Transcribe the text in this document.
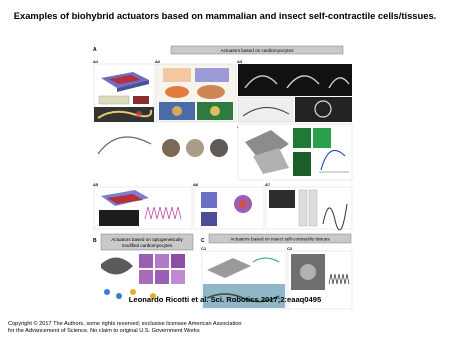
Examples of biohybrid actuators based on mammalian and insect self-contractile cells/tissues.
A	Actuators based on cardiomyocytes
A1	A2	A3
A5	A6	A7
B	Actuators based on optogenetically
modified cardiomyocytes
C	Actuators based on insect self-contractile tissues
C1	C2
Leonardo Ricotti et al. Sci. Robotics 2017;2:eaaq0495
Copyright © 2017 The Authors, some rights reserved; exclusive licensee American Association
for the Advancement of Science. No claim to original U.S. Government Works
